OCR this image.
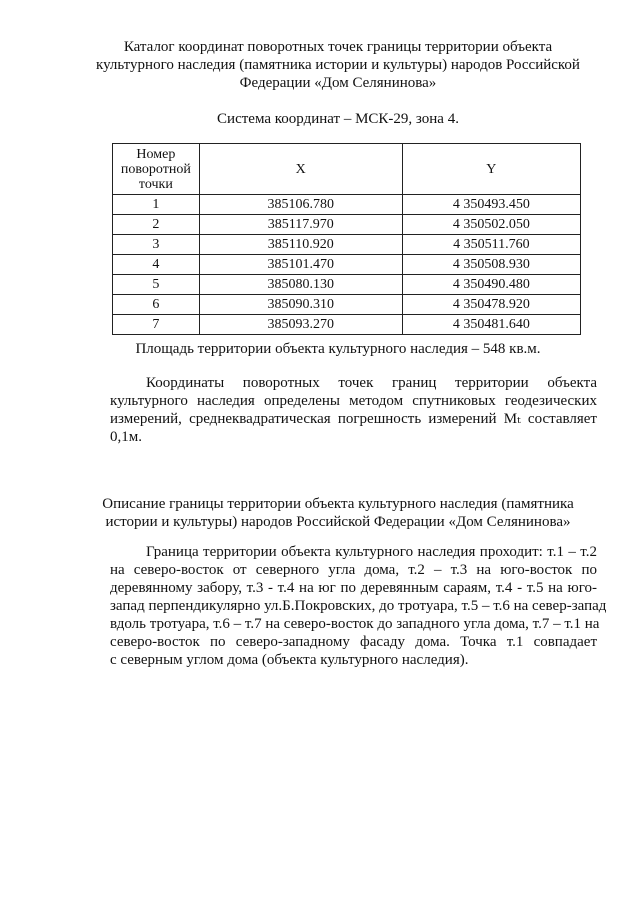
Каталог координат поворотных точек границы территории объекта
культурного наследия (памятника истории и культуры) народов Российской
Федерации «Дом Селянинова»
Система координат – МСК-29, зона 4.
Номер
поворотной
точки	X	Y
1	385106.780	4 350493.450
2	385117.970	4 350502.050
3	385110.920	4 350511.760
4	385101.470	4 350508.930
5	385080.130	4 350490.480
6	385090.310	4 350478.920
7	385093.270	4 350481.640
Площадь территории объекта культурного наследия – 548 кв.м.
Координаты поворотных точек границ территории объекта
культурного наследия определены методом спутниковых геодезических
измерений, среднеквадратическая погрешность измерений Мₜ составляет
0,1м.
Описание границы территории объекта культурного наследия (памятника
истории и культуры) народов Российской Федерации «Дом Селянинова»
Граница территории объекта культурного наследия проходит: т.1 – т.2
на северо-восток от северного угла дома, т.2 – т.3 на юго-восток по
деревянному забору, т.3 - т.4 на юг по деревянным сараям, т.4 - т.5 на юго-
запад перпендикулярно ул.Б.Покровских, до тротуара, т.5 – т.6 на север-запад
вдоль тротуара, т.6 – т.7 на северо-восток до западного угла дома, т.7 – т.1 на
северо-восток по северо-западному фасаду дома. Точка т.1 совпадает
с северным углом дома (объекта культурного наследия).
